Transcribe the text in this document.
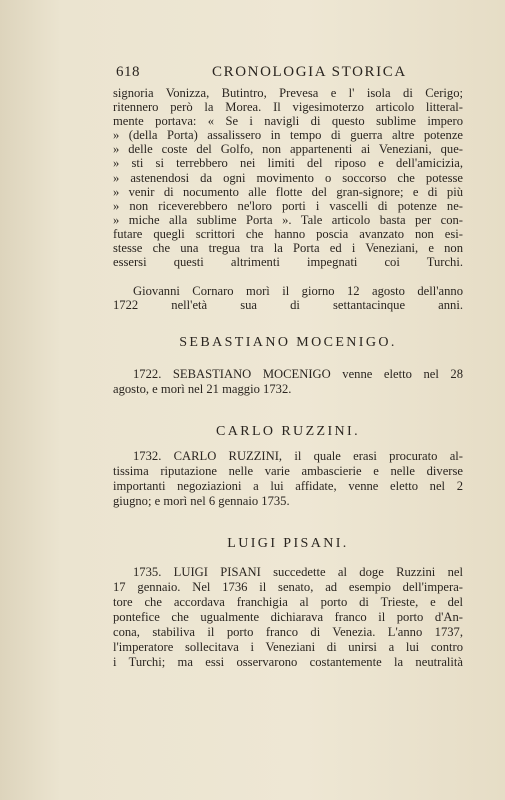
618	CRONOLOGIA STORICA
signoria Vonizza, Butintro, Prevesa e l' isola di Cerigo;
ritennero però la Morea. Il vigesimoterzo articolo litteral-
mente portava: « Se i navigli di questo sublime impero
» (della Porta) assalissero in tempo di guerra altre potenze
» delle coste del Golfo, non appartenenti ai Veneziani, que-
» sti si terrebbero nei limiti del riposo e dell'amicizia,
» astenendosi da ogni movimento o soccorso che potesse
» venir di nocumento alle flotte del gran-signore; e di più
» non riceverebbero ne'loro porti i vascelli di potenze ne-
» miche alla sublime Porta ». Tale articolo basta per con-
futare quegli scrittori che hanno poscia avanzato non esi-
stesse che una tregua tra la Porta ed i Veneziani, e non
essersi questi altrimenti impegnati coi Turchi.
Giovanni Cornaro morì il giorno 12 agosto dell'anno
1722 nell'età sua di settantacinque anni.
SEBASTIANO MOCENIGO.
1722. SEBASTIANO MOCENIGO venne eletto nel 28
agosto, e morì nel 21 maggio 1732.
CARLO RUZZINI.
1732. CARLO RUZZINI, il quale erasi procurato al-
tissima riputazione nelle varie ambascierie e nelle diverse
importanti negoziazioni a lui affidate, venne eletto nel 2
giugno; e morì nel 6 gennaio 1735.
LUIGI PISANI.
1735. LUIGI PISANI succedette al doge Ruzzini nel
17 gennaio. Nel 1736 il senato, ad esempio dell'impera-
tore che accordava franchigia al porto di Trieste, e del
pontefice che ugualmente dichiarava franco il porto d'An-
cona, stabiliva il porto franco di Venezia. L'anno 1737,
l'imperatore sollecitava i Veneziani di unirsi a lui contro
i Turchi; ma essi osservarono costantemente la neutralità
